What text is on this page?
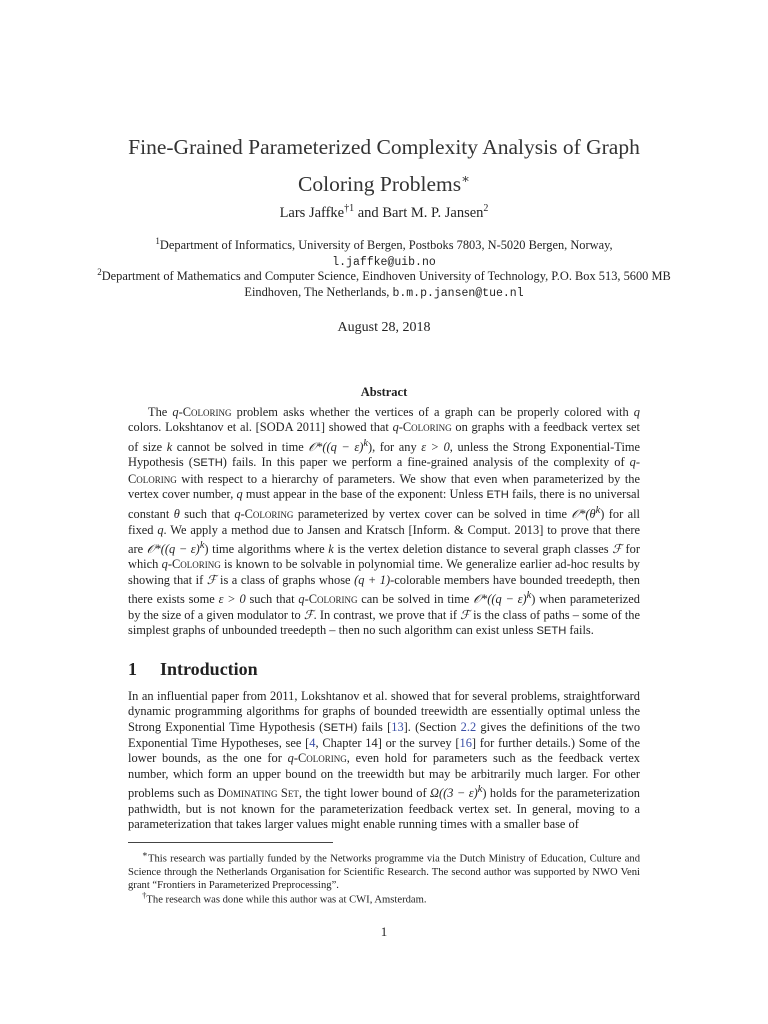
Fine-Grained Parameterized Complexity Analysis of Graph
Coloring Problems∗
Lars Jaffke$^{\dagger 1}$ and Bart M. P. Jansen$^2$
$^1$Department of Informatics, University of Bergen, Postboks 7803, N-5020 Bergen, Norway,
l.jaffke@uib.no
$^2$Department of Mathematics and Computer Science, Eindhoven University of Technology, P.O. Box 513, 5600 MB Eindhoven, The Netherlands, b.m.p.jansen@tue.nl
August 28, 2018
Abstract

The q-Coloring problem asks whether the vertices of a graph can be properly colored with q colors. Lokshtanov et al. [SODA 2011] showed that q-Coloring on graphs with a feedback vertex set of size k cannot be solved in time 𝒪*((q − ε)$^k$), for any ε > 0, unless the Strong Exponential-Time Hypothesis (SETH) fails. In this paper we perform a fine-grained analysis of the complexity of q-Coloring with respect to a hierarchy of parameters. We show that even when parameterized by the vertex cover number, q must appear in the base of the exponent: Unless ETH fails, there is no universal constant θ such that q-Coloring parameterized by vertex cover can be solved in time $𝒪*(\theta^k)$ for all fixed q. We apply a method due to Jansen and Kratsch [Inform. & Comput. 2013] to prove that there are 𝒪*((q − ε)$^k$) time algorithms where k is the vertex deletion distance to several graph classes ℱ for which q-Coloring is known to be solvable in polynomial time. We generalize earlier ad-hoc results by showing that if ℱ is a class of graphs whose (q + 1)-colorable members have bounded treedepth, then there exists some ε > 0 such that q-Coloring can be solved in time 𝒪*((q − ε)$^k$) when parameterized by the size of a given modulator to ℱ. In contrast, we prove that if ℱ is the class of paths – some of the simplest graphs of unbounded treedepth – then no such algorithm can exist unless SETH fails.

1 Introduction

In an influential paper from 2011, Lokshtanov et al. showed that for several problems, straightforward dynamic programming algorithms for graphs of bounded treewidth are essentially optimal unless the Strong Exponential Time Hypothesis (SETH) fails [13]. (Section 2.2 gives the definitions of the two Exponential Time Hypotheses, see [4, Chapter 14] or the survey [16] for further details.) Some of the lower bounds, as the one for q-Coloring, even hold for parameters such as the feedback vertex number, which form an upper bound on the treewidth but may be arbitrarily much larger. For other problems such as Dominating Set, the tight lower bound of $\Omega((3 - \varepsilon)^k)$ holds for the parameterization pathwidth, but is not known for the parameterization feedback vertex set. In general, moving to a parameterization that takes larger values might enable running times with a smaller base of

∗This research was partially funded by the Networks programme via the Dutch Ministry of Education, Culture and Science through the Netherlands Organisation for Scientific Research. The second author was supported by NWO Veni grant “Frontiers in Parameterized Preprocessing”.

†The research was done while this author was at CWI, Amsterdam.

1
